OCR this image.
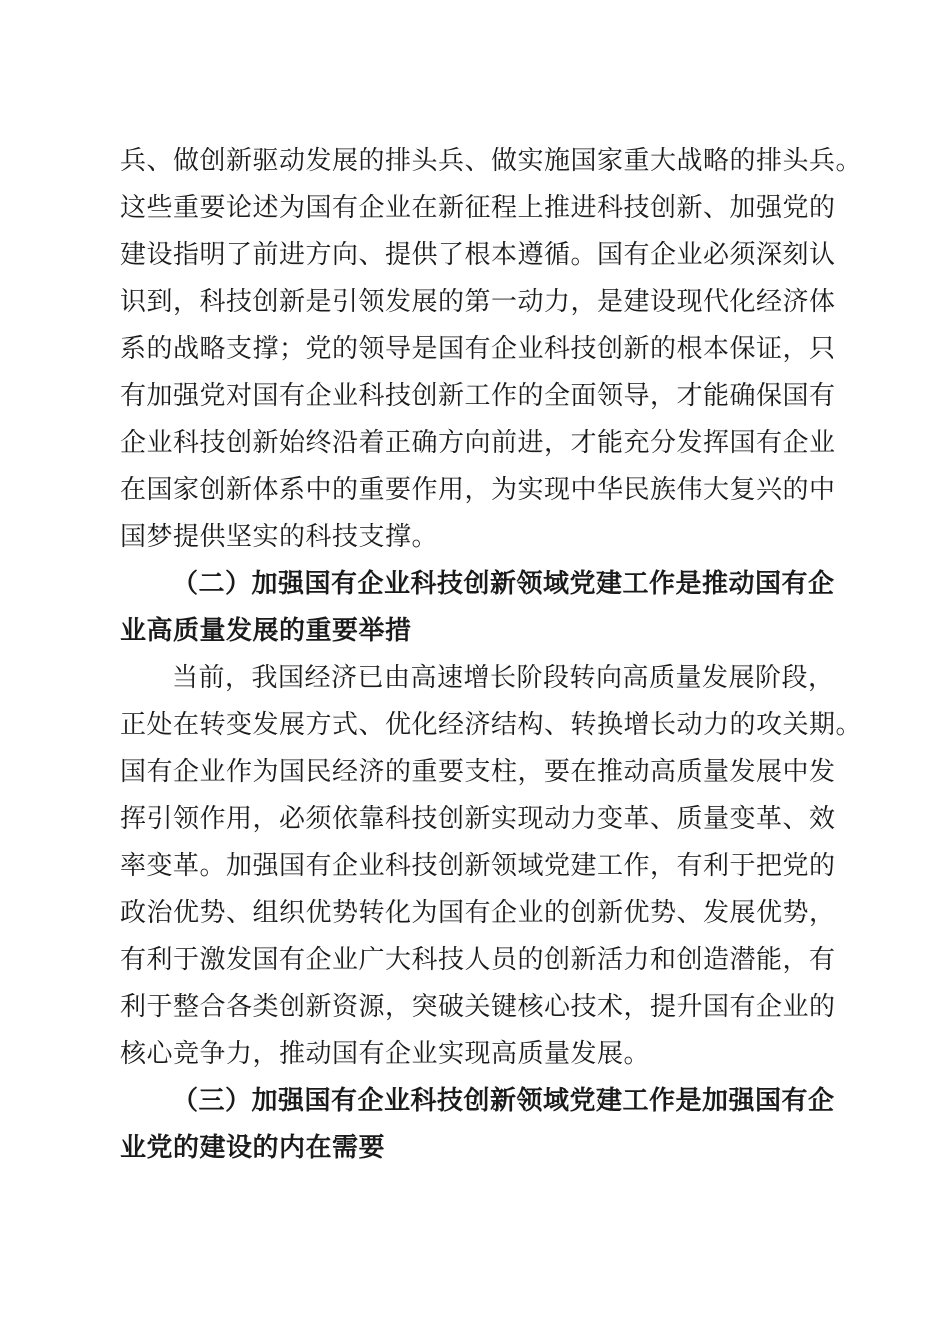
兵、做创新驱动发展的排头兵、做实施国家重大战略的排头兵。
这些重要论述为国有企业在新征程上推进科技创新、加强党的
建设指明了前进方向、提供了根本遵循。国有企业必须深刻认
识到，科技创新是引领发展的第一动力，是建设现代化经济体
系的战略支撑；党的领导是国有企业科技创新的根本保证，只
有加强党对国有企业科技创新工作的全面领导，才能确保国有
企业科技创新始终沿着正确方向前进，才能充分发挥国有企业
在国家创新体系中的重要作用，为实现中华民族伟大复兴的中
国梦提供坚实的科技支撑。
（二）加强国有企业科技创新领域党建工作是推动国有企
业高质量发展的重要举措
当前，我国经济已由高速增长阶段转向高质量发展阶段，
正处在转变发展方式、优化经济结构、转换增长动力的攻关期。
国有企业作为国民经济的重要支柱，要在推动高质量发展中发
挥引领作用，必须依靠科技创新实现动力变革、质量变革、效
率变革。加强国有企业科技创新领域党建工作，有利于把党的
政治优势、组织优势转化为国有企业的创新优势、发展优势，
有利于激发国有企业广大科技人员的创新活力和创造潜能，有
利于整合各类创新资源，突破关键核心技术，提升国有企业的
核心竞争力，推动国有企业实现高质量发展。
（三）加强国有企业科技创新领域党建工作是加强国有企
业党的建设的内在需要
